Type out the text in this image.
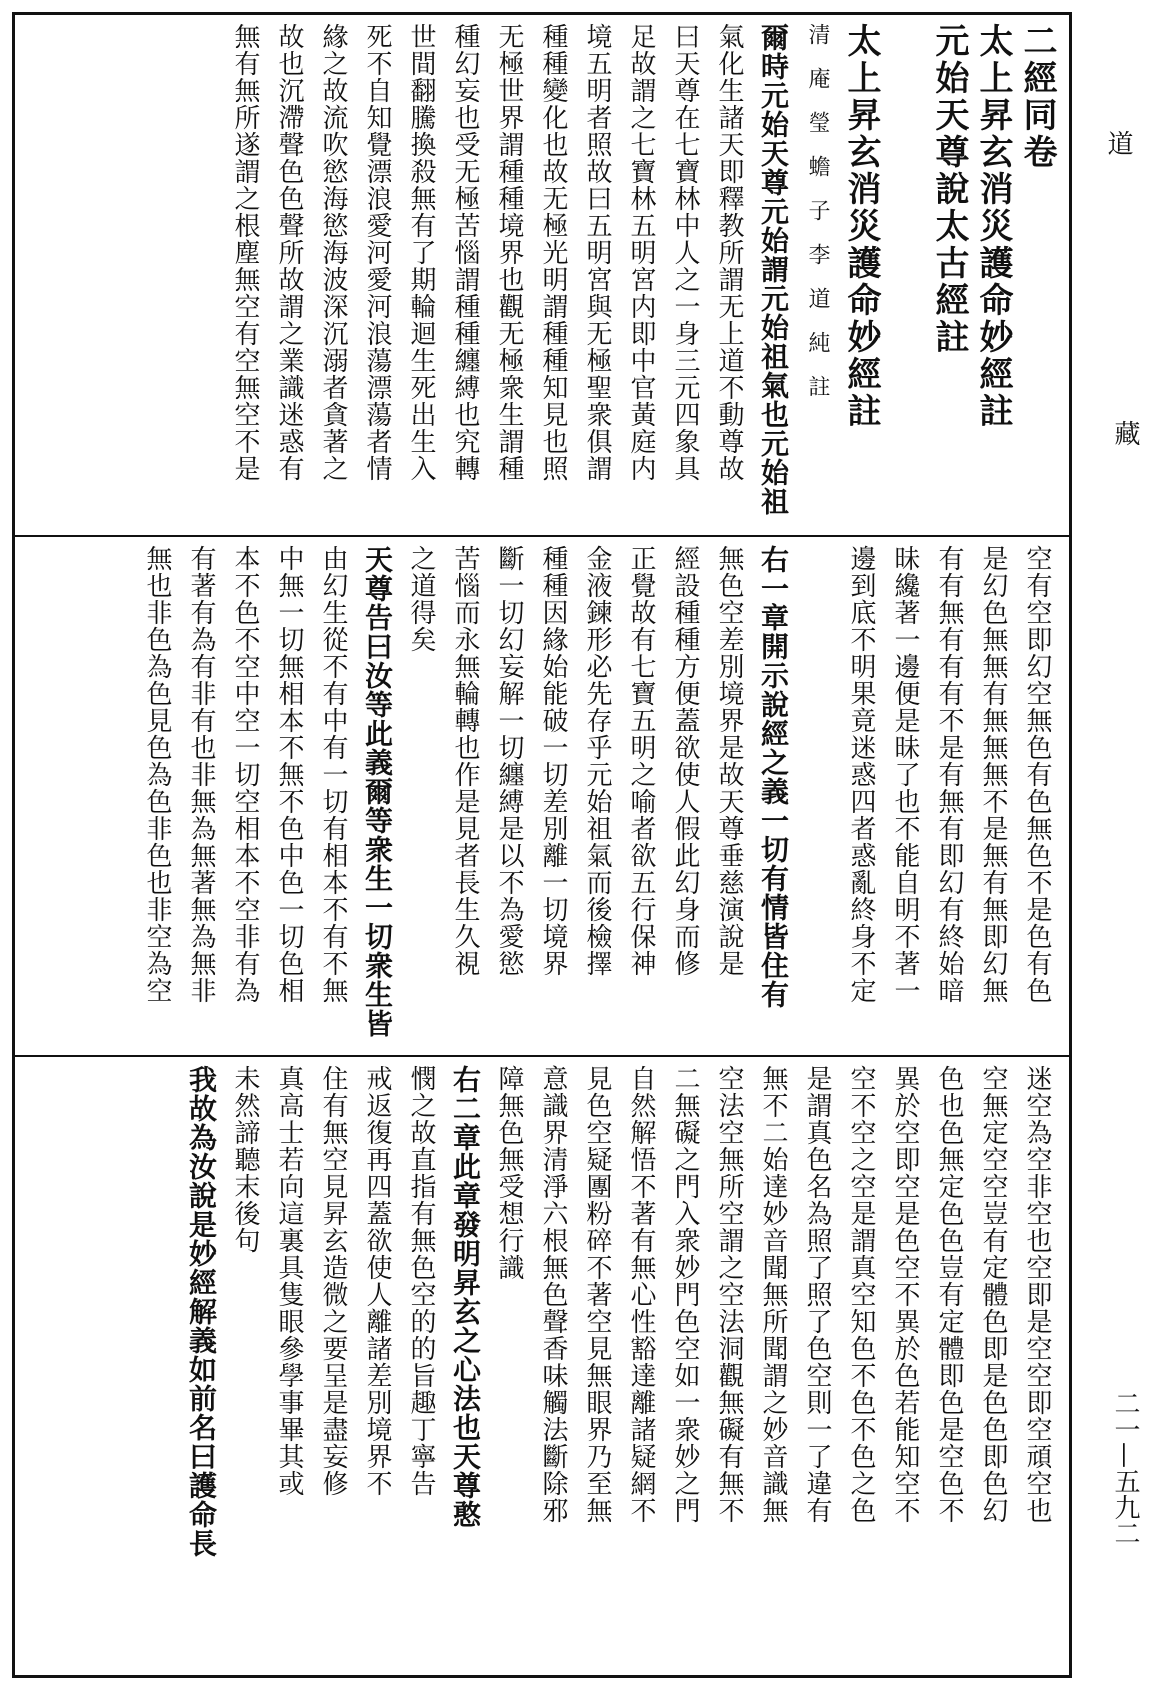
道
藏
二一—五九二
二經同卷
太上昇玄消災護命妙經註
元始天尊說太古經註
太上昇玄消災護命妙經註
清　庵　瑩　蟾　子　李　道　純　註
爾時元始天尊元始謂元始祖氣也元始祖
氣化生諸天即釋教所謂无上道不動尊故
曰天尊在七寶林中人之一身三元四象具
足故謂之七寶林五明宮内即中官黃庭内
境五明者照故曰五明宮與无極聖衆俱謂
種種變化也故无極光明謂種種知見也照
无極世界謂種種境界也觀无極衆生謂種
種幻妄也受无極苦惱謂種種纏縛也究轉
世間翻騰換殺無有了期輪迴生死出生入
死不自知覺漂浪愛河愛河浪蕩漂蕩者情
緣之故流吹慾海慾海波深沉溺者貪著之
故也沉滯聲色色聲所故謂之業識迷惑有
無有無所遂謂之根塵無空有空無空不是
空有空即幻空無色有色無色不是色有色
是幻色無無有無無無不是無有無即幻無
有有無有有有不是有無有即幻有終始暗
昧纔著一邊便是昧了也不能自明不著一
邊到底不明果竟迷惑四者惑亂終身不定
右一章開示說經之義一切有情皆住有
無色空差別境界是故天尊垂慈演說是
經設種種方便蓋欲使人假此幻身而修
正覺故有七寶五明之喻者欲五行保神
金液鍊形必先存乎元始祖氣而後檢擇
種種因緣始能破一切差別離一切境界
斷一切幻妄解一切纏縛是以不為愛慾
苦惱而永無輪轉也作是見者長生久視
之道得矣
天尊告曰汝等此義爾等衆生一切衆生皆
由幻生從不有中有一切有相本不有不無
中無一切無相本不無不色中色一切色相
本不色不空中空一切空相本不空非有為
有著有為有非有也非無為無著無為無非
無也非色為色見色為色非色也非空為空
迷空為空非空也空即是空空即空頑空也
空無定空空豈有定體色即是色色即色幻
色也色無定色色豈有定體即色是空色不
異於空即空是色空不異於色若能知空不
空不空之空是謂真空知色不色不色之色
是謂真色名為照了照了色空則一了違有
無不二始達妙音聞無所聞謂之妙音識無
空法空無所空謂之空法洞觀無礙有無不
二無礙之門入衆妙門色空如一衆妙之門
自然解悟不著有無心性豁達離諸疑網不
見色空疑團粉碎不著空見無眼界乃至無
意識界清淨六根無色聲香味觸法斷除邪
障無色無受想行識
右二章此章發明昇玄之心法也天尊憨
憫之故直指有無色空的的旨趣丁寧告
戒返復再四蓋欲使人離諸差別境界不
住有無空見昇玄造微之要呈是盡妄修
真高士若向這裏具隻眼參學事畢其或
未然諦聽末後句
我故為汝說是妙經解義如前名曰護命長
